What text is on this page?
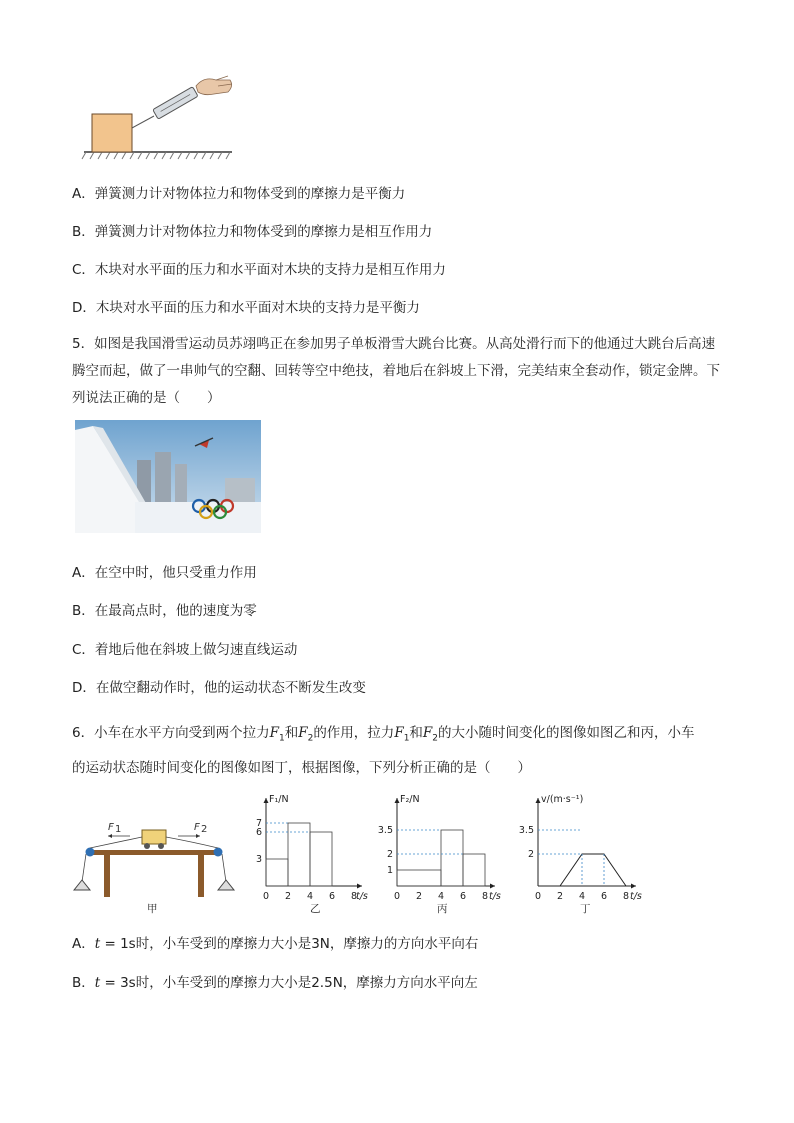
A．弹簧测力计对物体拉力和物体受到的摩擦力是平衡力
B．弹簧测力计对物体拉力和物体受到的摩擦力是相互作用力
C．木块对水平面的压力和水平面对木块的支持力是相互作用力
D．木块对水平面的压力和水平面对木块的支持力是平衡力
5．如图是我国滑雪运动员苏翊鸣正在参加男子单板滑雪大跳台比赛。从高处滑行而下的他通过大跳台后高速腾空而起，做了一串帅气的空翻、回转等空中绝技，着地后在斜坡上下滑，完美结束全套动作，锁定金牌。下列说法正确的是（　　）
A．在空中时，他只受重力作用
B．在最高点时，他的速度为零
C．着地后他在斜坡上做匀速直线运动
D．在做空翻动作时，他的运动状态不断发生改变
6．小车在水平方向受到两个拉力$F_1$和$F_2$的作用，拉力$F_1$和$F_2$的大小随时间变化的图像如图乙和丙，小车
的运动状态随时间变化的图像如图丁，根据图像，下列分析正确的是（　　）
F 1	F 2
甲
F₁/N
t/s
0 2 4 6 8
3
6
7
乙
F₂/N
t/s
0 2 4 6 8
1
2
3.5
丙
v/(m·s⁻¹)
t/s
0 2 4 6 8
2
3.5
丁
A．t = 1s时，小车受到的摩擦力大小是3N，摩擦力的方向水平向右
B．t = 3s时，小车受到的摩擦力大小是2.5N，摩擦力方向水平向左
